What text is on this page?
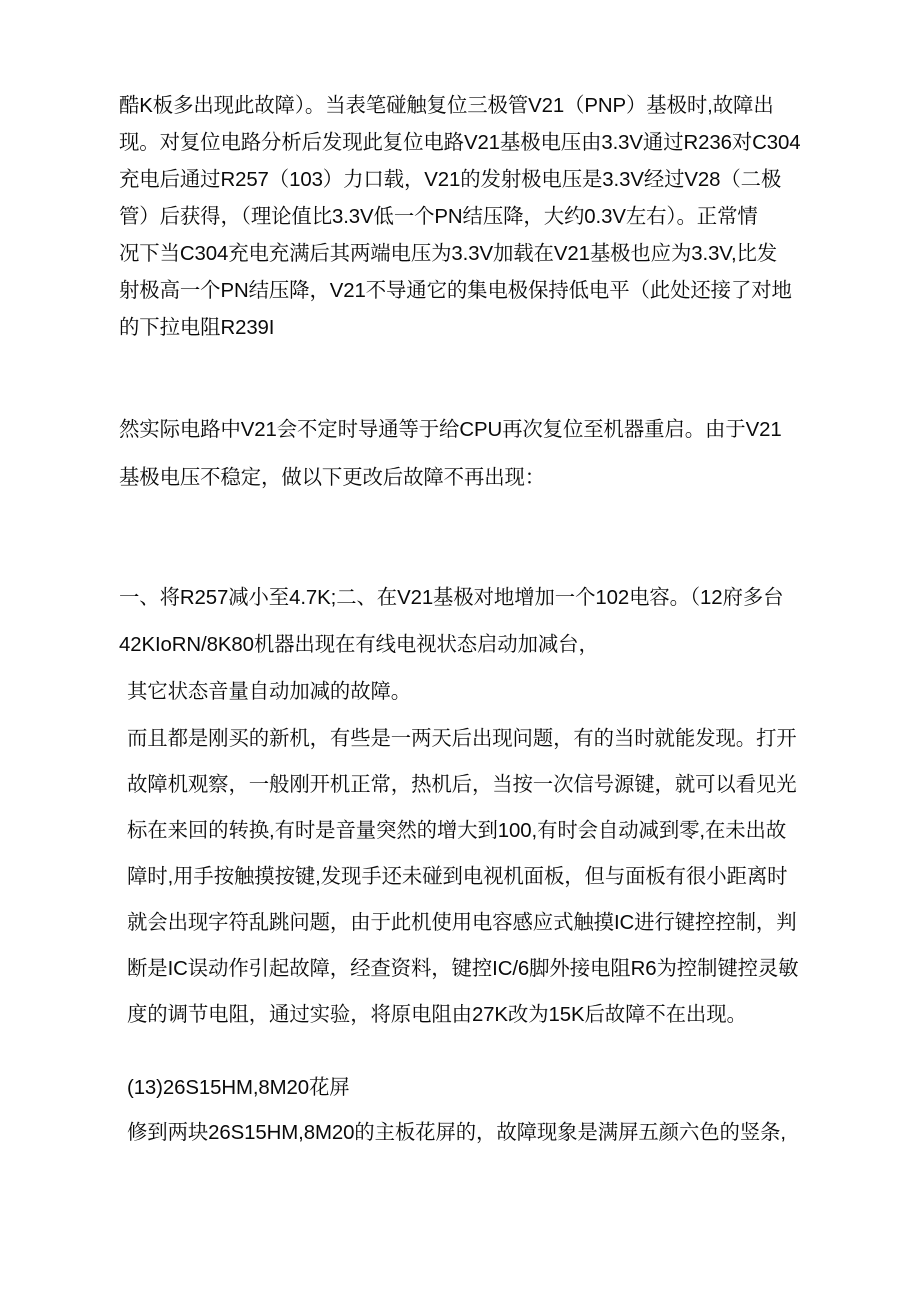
酷K板多出现此故障）。当表笔碰触复位三极管V21（PNP）基极时,故障出
现。对复位电路分析后发现此复位电路V21基极电压由3.3V通过R236对C304
充电后通过R257（103）力口载，V21的发射极电压是3.3V经过V28（二极
管）后获得，（理论值比3.3V低一个PN结压降，大约0.3V左右）。正常情
况下当C304充电充满后其两端电压为3.3V加载在V21基极也应为3.3V,比发
射极高一个PN结压降，V21不导通它的集电极保持低电平（此处还接了对地
的下拉电阻R239I
然实际电路中V21会不定时导通等于给CPU再次复位至机器重启。由于V21
基极电压不稳定，做以下更改后故障不再出现：
一、将R257减小至4.7K;二、在V21基极对地增加一个102电容。（12府多台
42KIoRN/8K80机器出现在有线电视状态启动加减台，
其它状态音量自动加减的故障。
而且都是刚买的新机，有些是一两天后出现问题，有的当时就能发现。打开
故障机观察，一般刚开机正常，热机后，当按一次信号源键，就可以看见光
标在来回的转换,有时是音量突然的增大到100,有时会自动减到零,在未出故
障时,用手按触摸按键,发现手还未碰到电视机面板，但与面板有很小距离时
就会出现字符乱跳问题，由于此机使用电容感应式触摸IC进行键控控制，判
断是IC误动作引起故障，经查资料，键控IC/6脚外接电阻R6为控制键控灵敏
度的调节电阻，通过实验，将原电阻由27K改为15K后故障不在出现。
(13)26S15HM,8M20花屏
修到两块26S15HM,8M20的主板花屏的，故障现象是满屏五颜六色的竖条,
